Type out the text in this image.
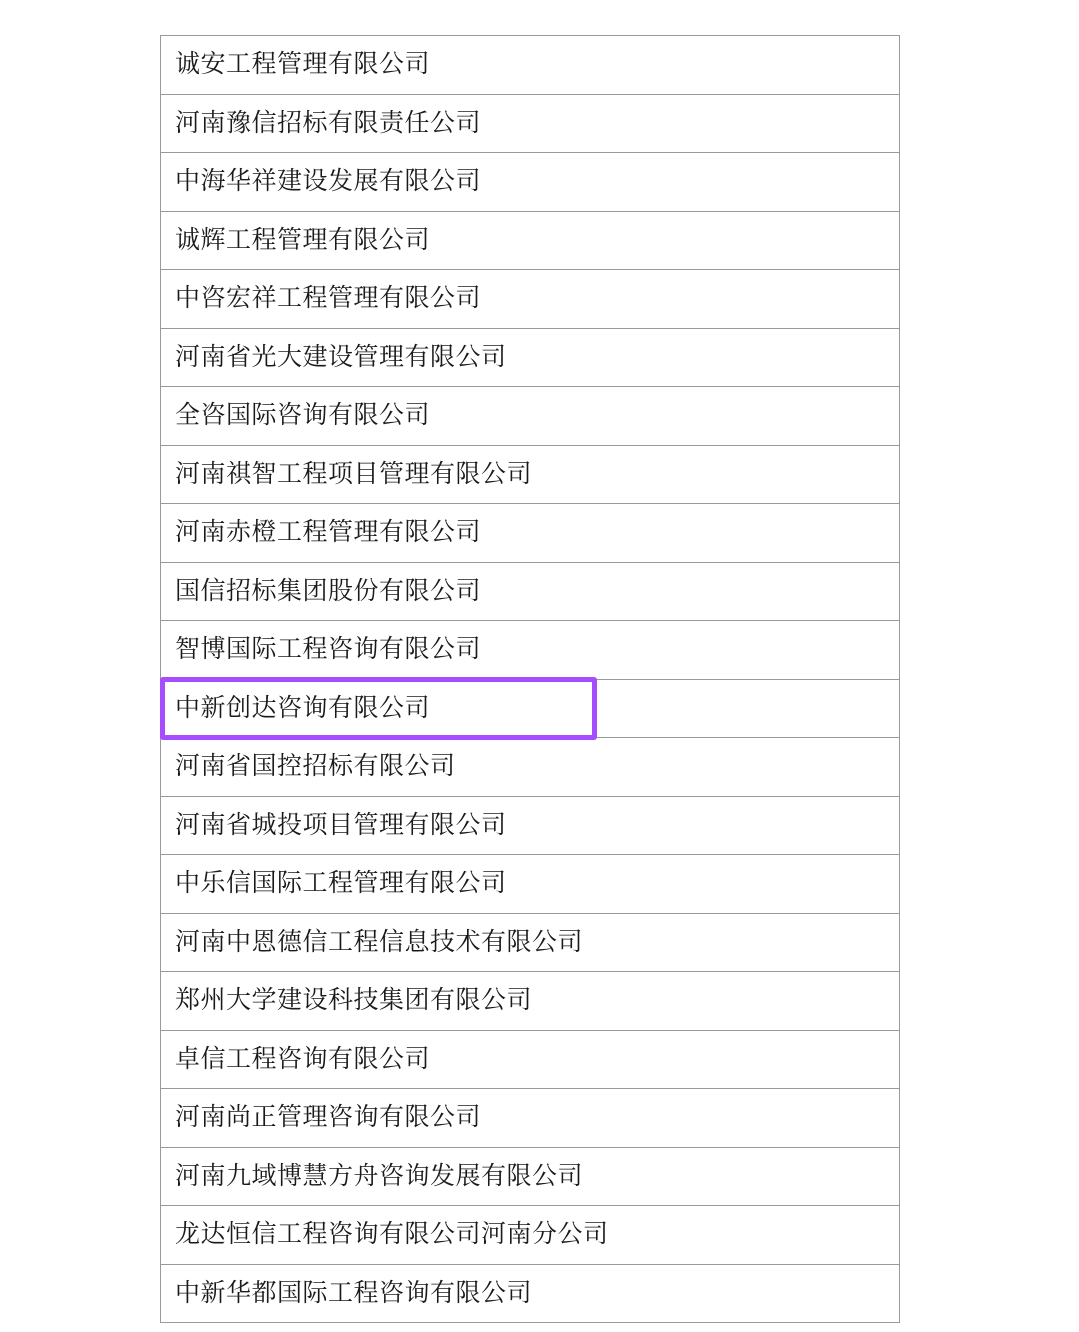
诚安工程管理有限公司
河南豫信招标有限责任公司
中海华祥建设发展有限公司
诚辉工程管理有限公司
中咨宏祥工程管理有限公司
河南省光大建设管理有限公司
全咨国际咨询有限公司
河南祺智工程项目管理有限公司
河南赤橙工程管理有限公司
国信招标集团股份有限公司
智博国际工程咨询有限公司
中新创达咨询有限公司
河南省国控招标有限公司
河南省城投项目管理有限公司
中乐信国际工程管理有限公司
河南中恩德信工程信息技术有限公司
郑州大学建设科技集团有限公司
卓信工程咨询有限公司
河南尚正管理咨询有限公司
河南九域博慧方舟咨询发展有限公司
龙达恒信工程咨询有限公司河南分公司
中新华都国际工程咨询有限公司
